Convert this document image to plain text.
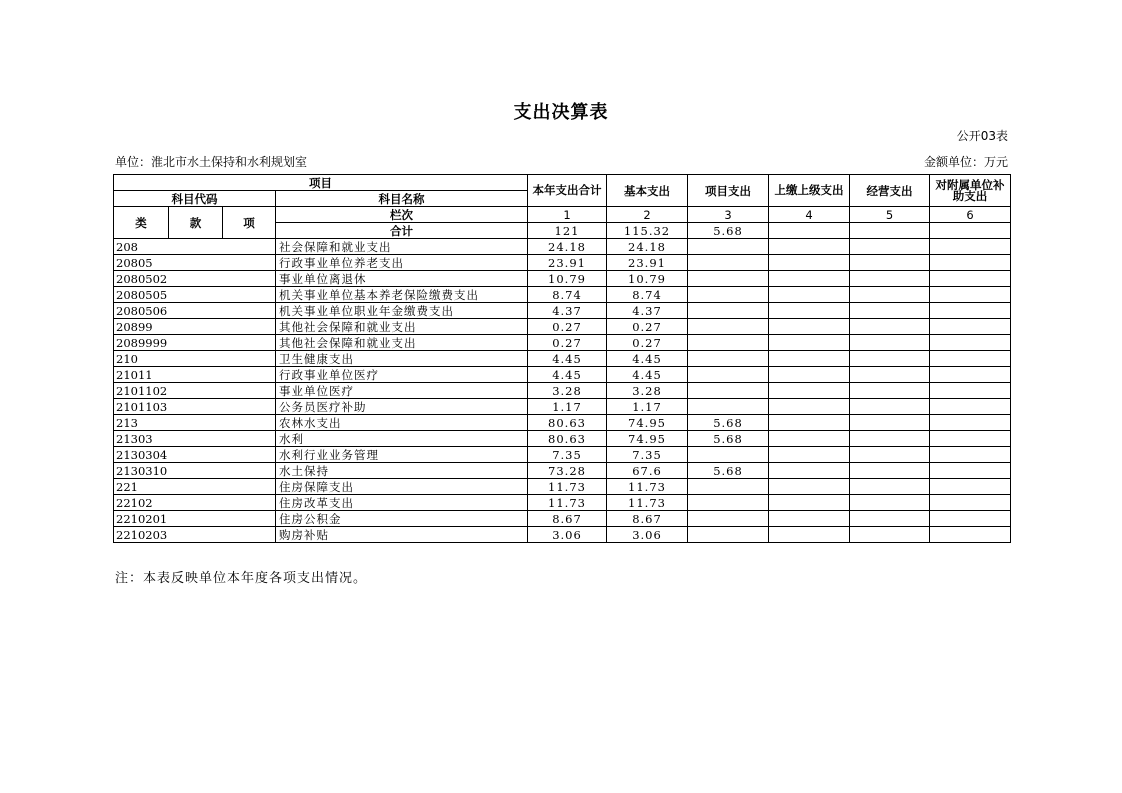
支出决算表
公开03表
单位：淮北市水土保持和水利规划室	金额单位：万元
项目				本年支出合计	基本支出	项目支出	上缴上级支出	经营支出	对附属单位补助支出
科目代码			科目名称						
类	款	项	栏次	1	2	3	4	5	6
			合计	121	115.32	5.68			
208			社会保障和就业支出	24.18	24.18				
20805			行政事业单位养老支出	23.91	23.91				
2080502			事业单位离退休	10.79	10.79				
2080505			机关事业单位基本养老保险缴费支出	8.74	8.74				
2080506			机关事业单位职业年金缴费支出	4.37	4.37				
20899			其他社会保障和就业支出	0.27	0.27				
2089999			其他社会保障和就业支出	0.27	0.27				
210			卫生健康支出	4.45	4.45				
21011			行政事业单位医疗	4.45	4.45				
2101102			事业单位医疗	3.28	3.28				
2101103			公务员医疗补助	1.17	1.17				
213			农林水支出	80.63	74.95	5.68			
21303			水利	80.63	74.95	5.68			
2130304			水利行业业务管理	7.35	7.35				
2130310			水土保持	73.28	67.6	5.68			
221			住房保障支出	11.73	11.73				
22102			住房改革支出	11.73	11.73				
2210201			住房公积金	8.67	8.67				
2210203			购房补贴	3.06	3.06				
注：本表反映单位本年度各项支出情况。
